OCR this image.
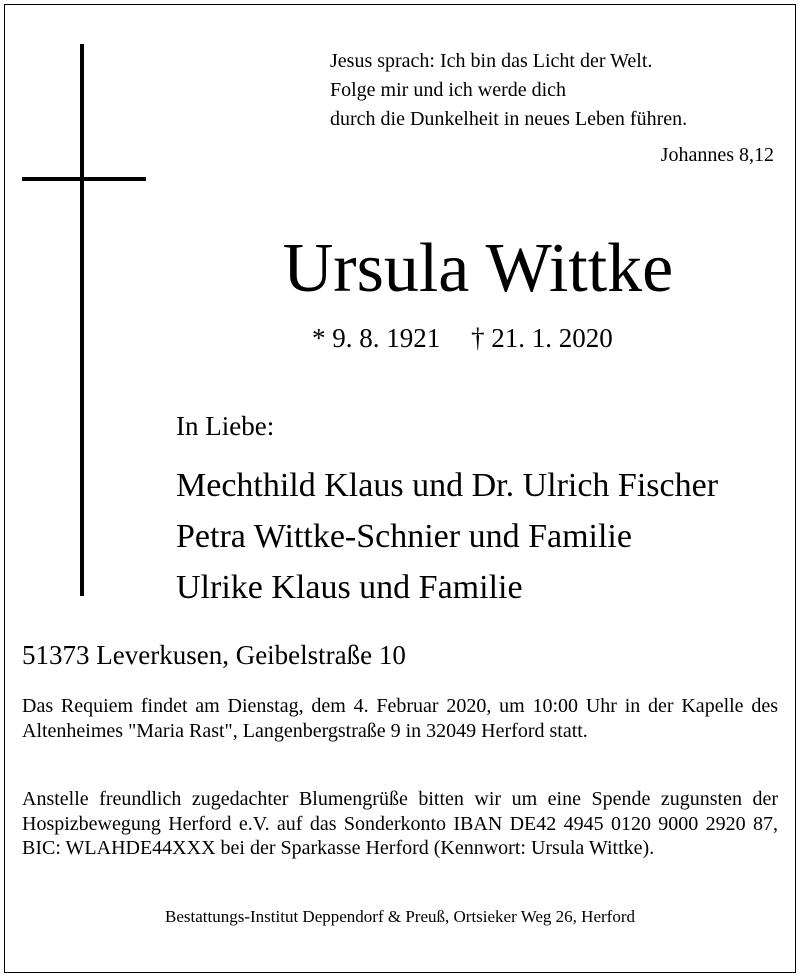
Jesus sprach: Ich bin das Licht der Welt.
Folge mir und ich werde dich
durch die Dunkelheit in neues Leben führen.
Johannes 8,12
Ursula Wittke
* 9. 8. 1921 † 21. 1. 2020
In Liebe:
Mechthild Klaus und Dr. Ulrich Fischer
Petra Wittke-Schnier und Familie
Ulrike Klaus und Familie
51373 Leverkusen, Geibelstraße 10
Das Requiem findet am Dienstag, dem 4. Februar 2020, um 10:00 Uhr in der Kapelle des Altenheimes "Maria Rast", Langenbergstraße 9 in 32049 Herford statt.
Anstelle freundlich zugedachter Blumengrüße bitten wir um eine Spende zugunsten der Hospizbewegung Herford e.V. auf das Sonderkonto IBAN DE42 4945 0120 9000 2920 87, BIC: WLAHDE44XXX bei der Sparkasse Herford (Kennwort: Ursula Wittke).
Bestattungs-Institut Deppendorf & Preuß, Ortsieker Weg 26, Herford
